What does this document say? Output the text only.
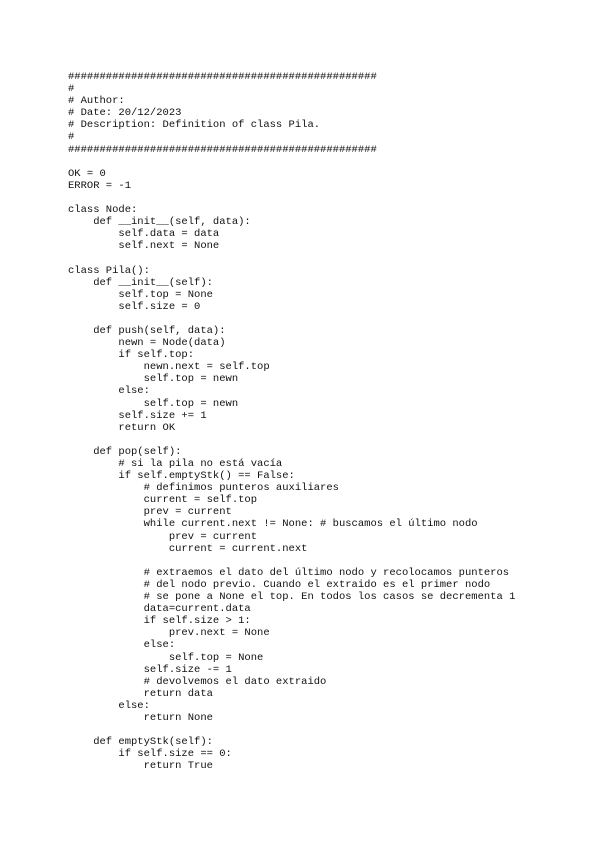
#################################################
#
# Author:
# Date: 20/12/2023
# Description: Definition of class Pila.
#
#################################################
OK = 0
ERROR = -1
class Node:
def __init__(self, data):
self.data = data
self.next = None
class Pila():
def __init__(self):
self.top = None
self.size = 0
def push(self, data):
newn = Node(data)
if self.top:
newn.next = self.top
self.top = newn
else:
self.top = newn
self.size += 1
return OK
def pop(self):
# si la pila no está vacía
if self.emptyStk() == False:
# definimos punteros auxiliares
current = self.top
prev = current
while current.next != None: # buscamos el último nodo
prev = current
current = current.next
# extraemos el dato del último nodo y recolocamos punteros
# del nodo previo. Cuando el extraido es el primer nodo
# se pone a None el top. En todos los casos se decrementa 1
data=current.data
if self.size > 1:
prev.next = None
else:
self.top = None
self.size -= 1
# devolvemos el dato extraido
return data
else:
return None
def emptyStk(self):
if self.size == 0:
return True
